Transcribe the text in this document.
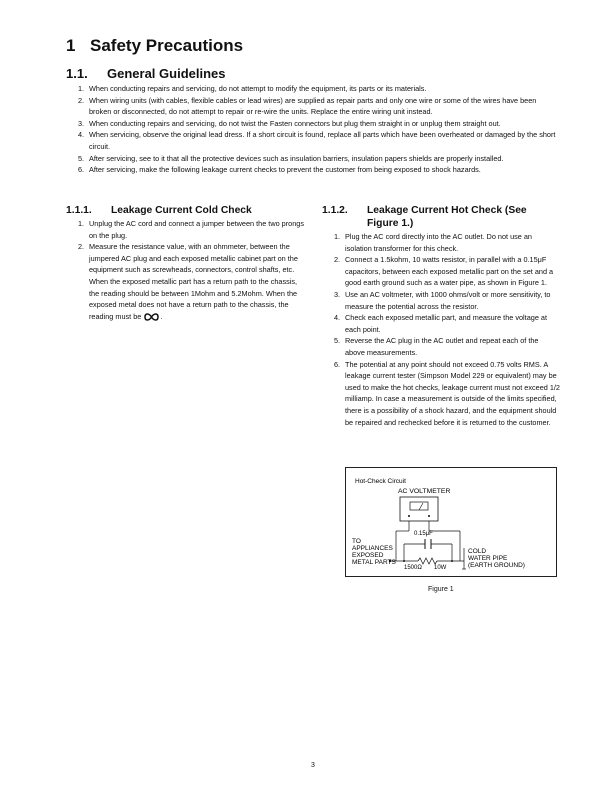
1 Safety Precautions
1.1. General Guidelines
1. When conducting repairs and servicing, do not attempt to modify the equipment, its parts or its materials.
2. When wiring units (with cables, flexible cables or lead wires) are supplied as repair parts and only one wire or some of the wires have been broken or disconnected, do not attempt to repair or re-wire the units. Replace the entire wiring unit instead.
3. When conducting repairs and servicing, do not twist the Fasten connectors but plug them straight in or unplug them straight out.
4. When servicing, observe the original lead dress. If a short circuit is found, replace all parts which have been overheated or damaged by the short circuit.
5. After servicing, see to it that all the protective devices such as insulation barriers, insulation papers shields are properly installed.
6. After servicing, make the following leakage current checks to prevent the customer from being exposed to shock hazards.
1.1.1. Leakage Current Cold Check
1. Unplug the AC cord and connect a jumper between the two prongs on the plug.
2. Measure the resistance value, with an ohmmeter, between the jumpered AC plug and each exposed metallic cabinet part on the equipment such as screwheads, connectors, control shafts, etc. When the exposed metallic part has a return path to the chassis, the reading should be between 1Mohm and 5.2Mohm. When the exposed metal does not have a return path to the chassis, the reading must be	.
1.1.2. Leakage Current Hot Check (See
Figure 1.)
1. Plug the AC cord directly into the AC outlet. Do not use an isolation transformer for this check.
2. Connect a 1.5kohm, 10 watts resistor, in parallel with a 0.15μF capacitors, between each exposed metallic part on the set and a good earth ground such as a water pipe, as shown in Figure 1.
3. Use an AC voltmeter, with 1000 ohms/volt or more sensitivity, to measure the potential across the resistor.
4. Check each exposed metallic part, and measure the voltage at each point.
5. Reverse the AC plug in the AC outlet and repeat each of the above measurements.
6. The potential at any point should not exceed 0.75 volts RMS. A leakage current tester (Simpson Model 229 or equivalent) may be used to make the hot checks, leakage current must not exceed 1/2 milliamp. In case a measurement is outside of the limits specified, there is a possibility of a shock hazard, and the equipment should be repaired and rechecked before it is returned to the customer.
Hot-Check Circuit
AC VOLTMETER
0.15μF
TO
APPLIANCES
EXPOSED
METAL PARTS
1500Ω 10W
COLD
WATER PIPE
(EARTH GROUND)
Figure 1
3
